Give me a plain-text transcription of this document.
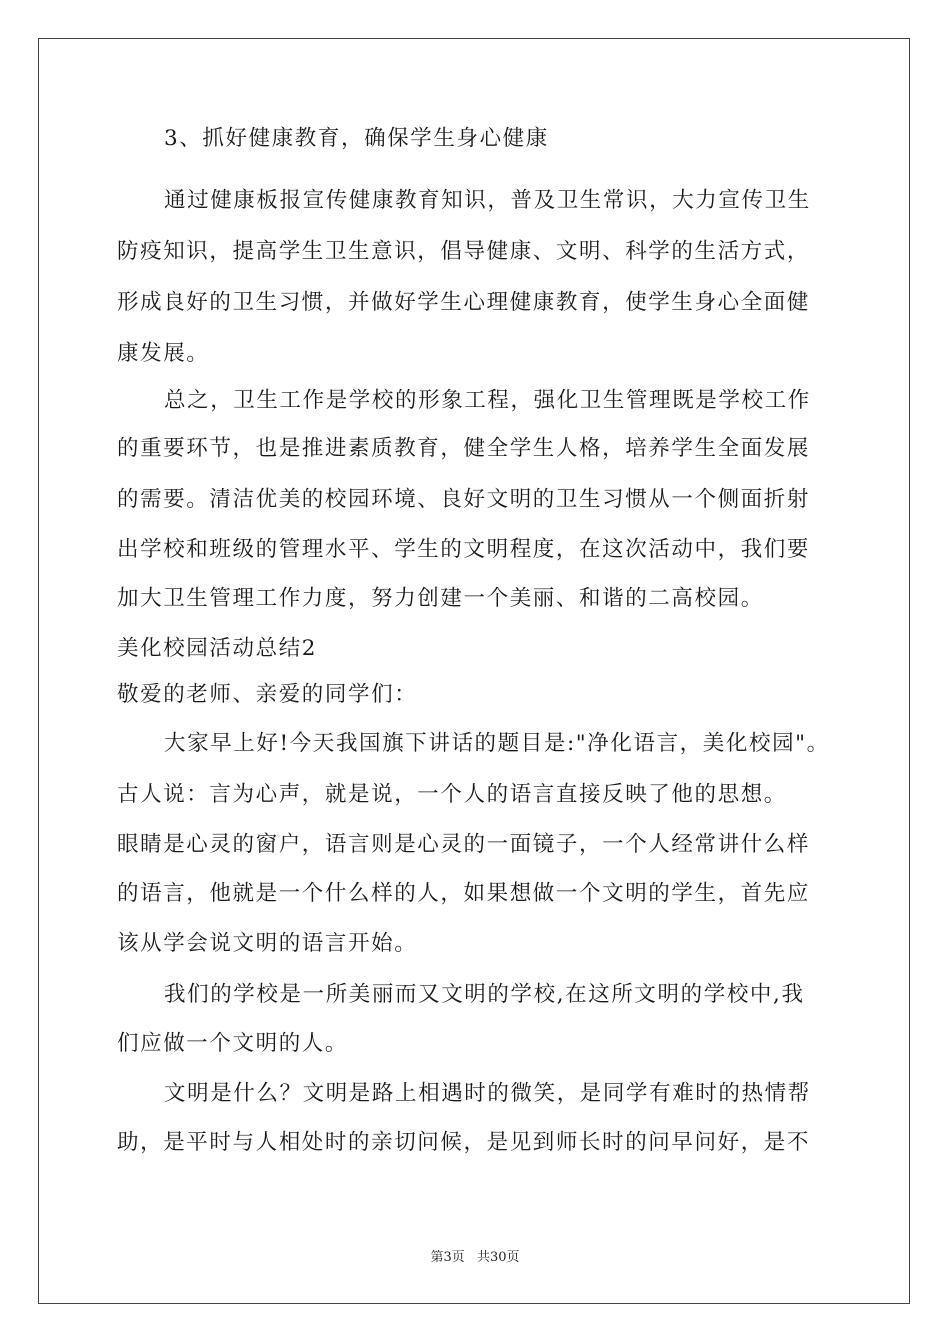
3、抓好健康教育，确保学生身心健康
通过健康板报宣传健康教育知识，普及卫生常识，大力宣传卫生
防疫知识，提高学生卫生意识，倡导健康、文明、科学的生活方式，
形成良好的卫生习惯，并做好学生心理健康教育，使学生身心全面健
康发展。
总之，卫生工作是学校的形象工程，强化卫生管理既是学校工作
的重要环节，也是推进素质教育，健全学生人格，培养学生全面发展
的需要。清洁优美的校园环境、良好文明的卫生习惯从一个侧面折射
出学校和班级的管理水平、学生的文明程度，在这次活动中，我们要
加大卫生管理工作力度，努力创建一个美丽、和谐的二高校园。
美化校园活动总结2
敬爱的老师、亲爱的同学们：
大家早上好!今天我国旗下讲话的题目是:"净化语言，美化校园"。
古人说：言为心声，就是说，一个人的语言直接反映了他的思想。
眼睛是心灵的窗户，语言则是心灵的一面镜子，一个人经常讲什么样
的语言，他就是一个什么样的人，如果想做一个文明的学生，首先应
该从学会说文明的语言开始。
我们的学校是一所美丽而又文明的学校,在这所文明的学校中,我
们应做一个文明的人。
文明是什么？文明是路上相遇时的微笑，是同学有难时的热情帮
助，是平时与人相处时的亲切问候，是见到师长时的问早问好，是不
第3页 共30页
